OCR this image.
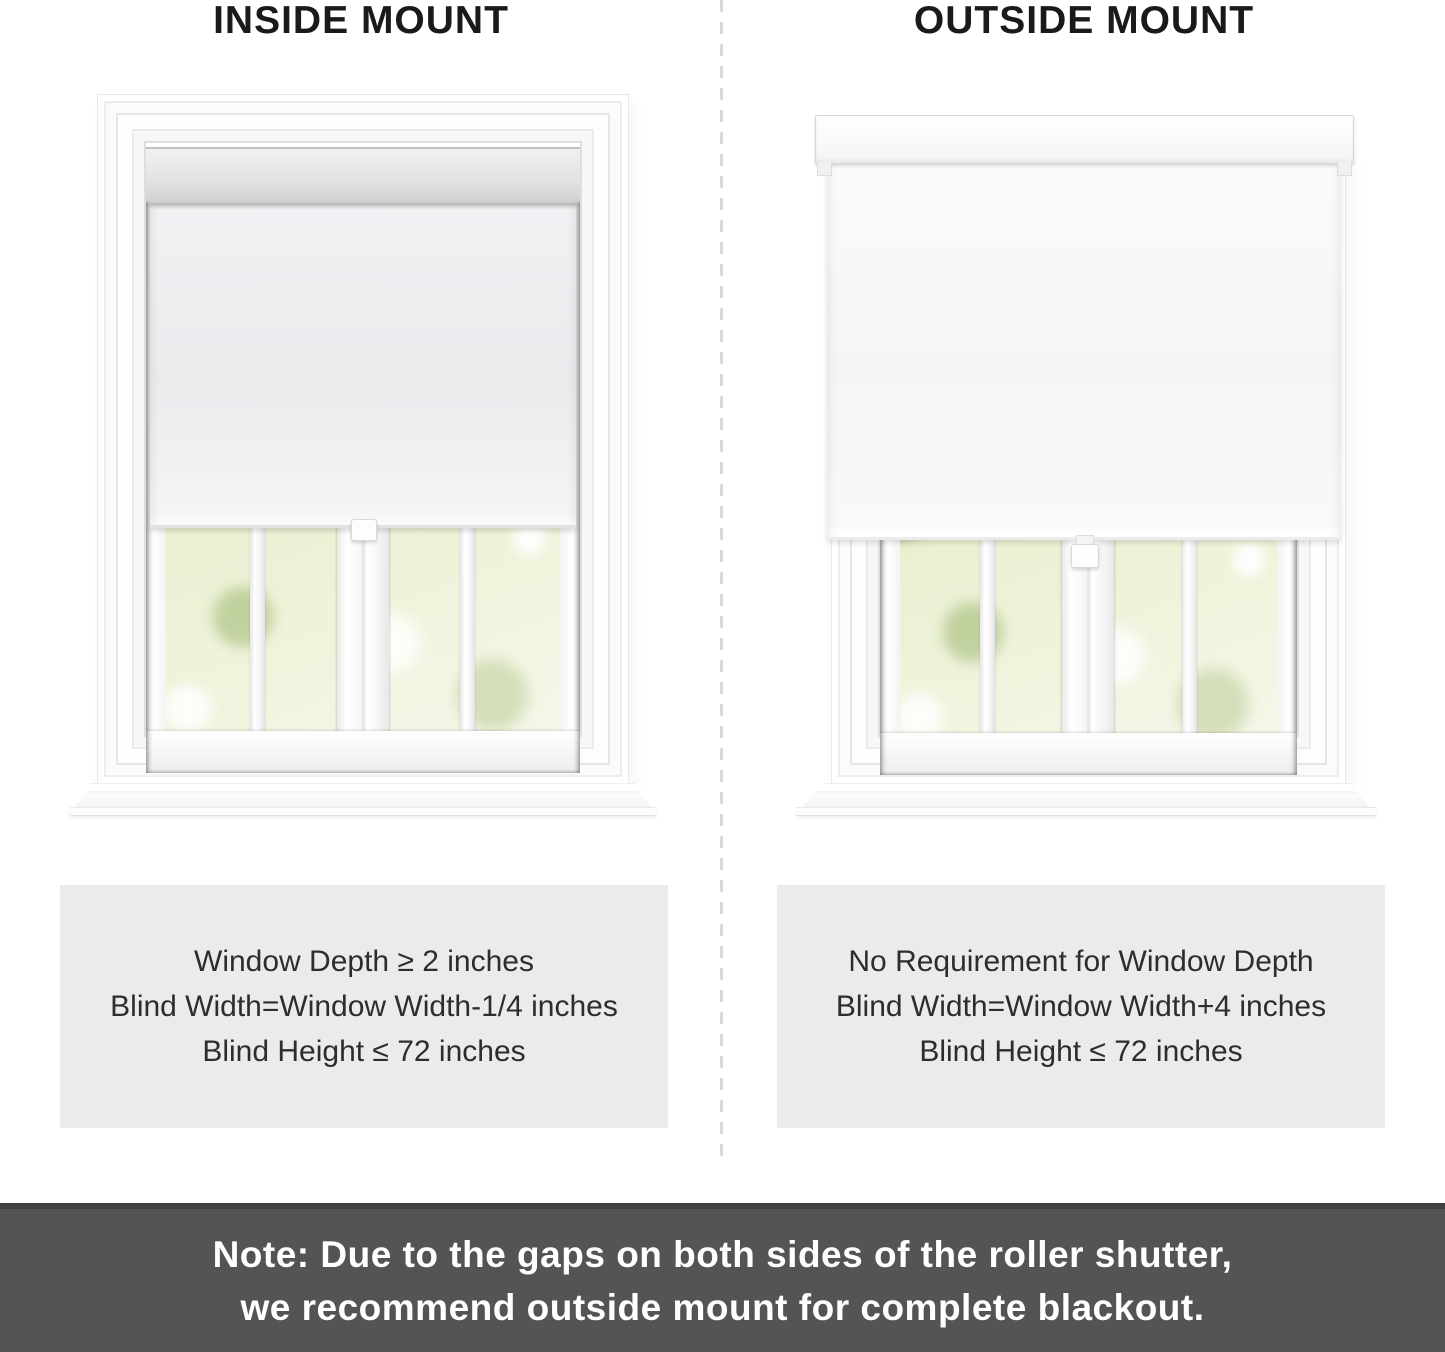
INSIDE MOUNT

Window Depth ≥ 2 inches

Blind Width=Window Width-1/4 inches

Blind Height ≤ 72 inches

OUTSIDE MOUNT

No Requirement for Window Depth

Blind Width=Window Width+4 inches

Blind Height ≤ 72 inches

Note: Due to the gaps on both sides of the roller shutter,

we recommend outside mount for complete blackout.
